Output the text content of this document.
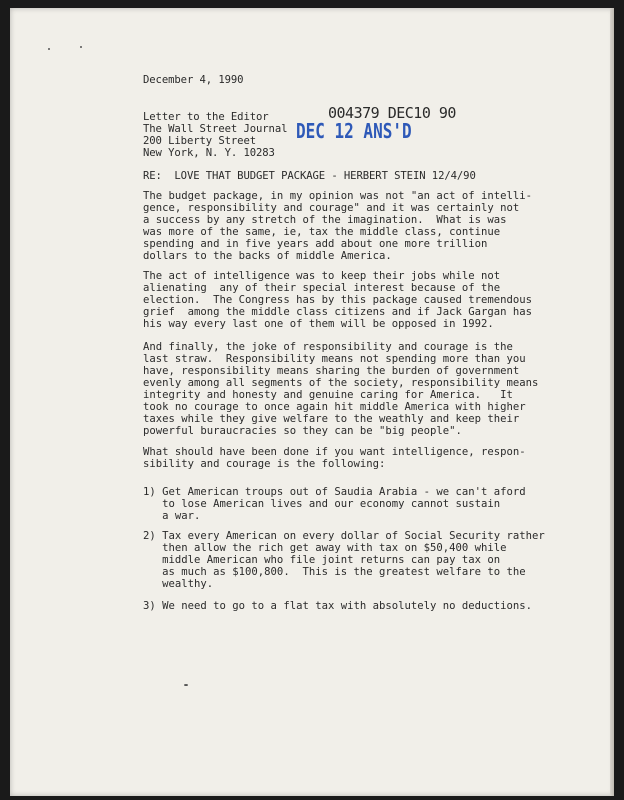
December 4, 1990
Letter to the Editor
The Wall Street Journal
200 Liberty Street
New York, N. Y. 10283
004379 DEC10 90
DEC 12 ANS'D
RE:  LOVE THAT BUDGET PACKAGE - HERBERT STEIN 12/4/90
The budget package, in my opinion was not "an act of intelli-
gence, responsibility and courage" and it was certainly not
a success by any stretch of the imagination.  What is was
was more of the same, ie, tax the middle class, continue
spending and in five years add about one more trillion
dollars to the backs of middle America.
The act of intelligence was to keep their jobs while not
alienating  any of their special interest because of the
election.  The Congress has by this package caused tremendous
grief  among the middle class citizens and if Jack Gargan has
his way every last one of them will be opposed in 1992.
And finally, the joke of responsibility and courage is the
last straw.  Responsibility means not spending more than you
have, responsibility means sharing the burden of government
evenly among all segments of the society, responsibility means
integrity and honesty and genuine caring for America.   It
took no courage to once again hit middle America with higher
taxes while they give welfare to the weathly and keep their
powerful buraucracies so they can be "big people".
What should have been done if you want intelligence, respon-
sibility and courage is the following:
1) Get American troups out of Saudia Arabia - we can't aford
to lose American lives and our economy cannot sustain
a war.
2) Tax every American on every dollar of Social Security rather
then allow the rich get away with tax on $50,400 while
middle American who file joint returns can pay tax on
as much as $100,800.  This is the greatest welfare to the
wealthy.
3) We need to go to a flat tax with absolutely no deductions.
